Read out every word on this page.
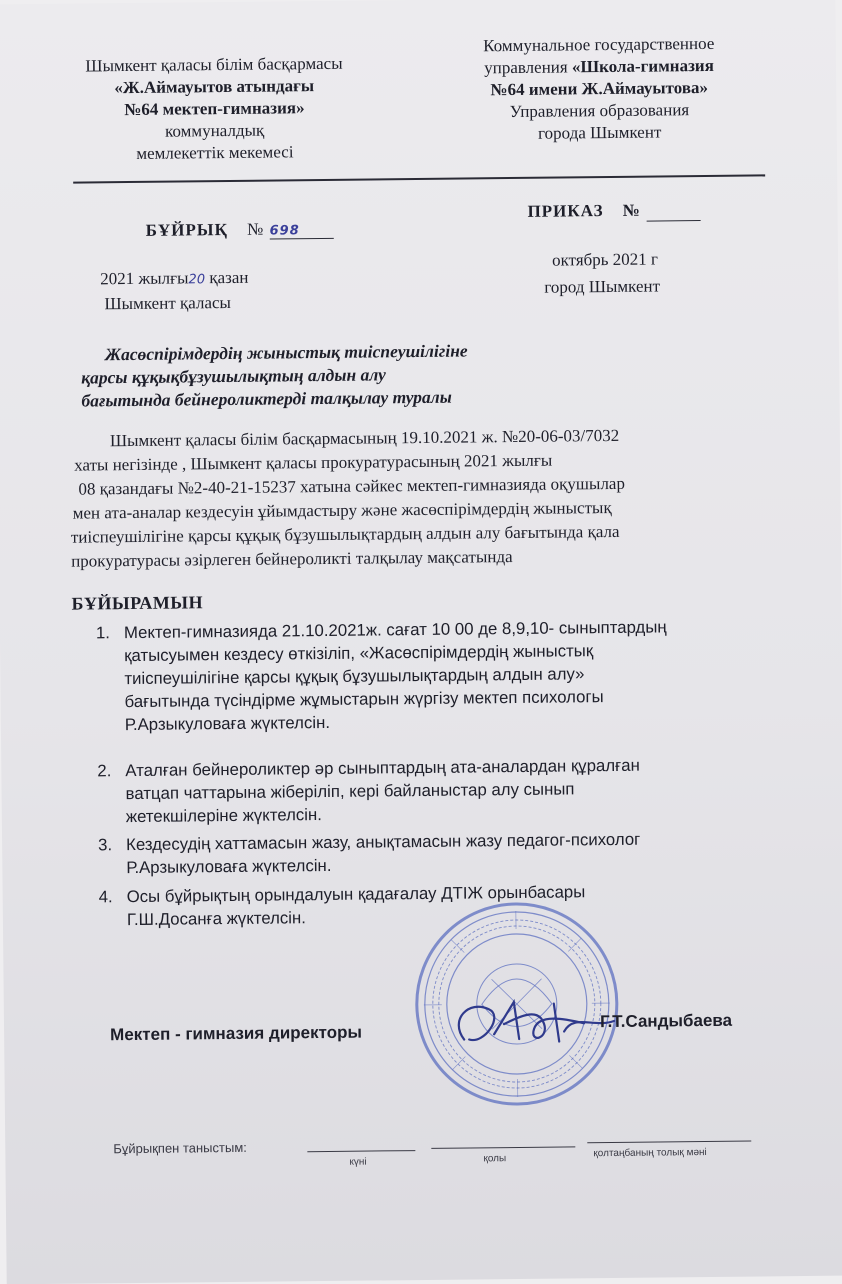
Шымкент қаласы білім басқармасы
«Ж.Аймауытов атындағы
№64 мектеп-гимназия»
коммуналдық
мемлекеттік мекемесі
Коммунальное государственное
управления «Школа-гимназия
№64 имени Ж.Аймауытова»
Управления образования
города Шымкент
БҰЙРЫҚ № 698
ПРИКАЗ №
2021 жылғы20 қазан
Шымкент қаласы
октябрь 2021 г
город Шымкент
Жасөспірімдердің жыныстық тиіспеушілігіне
қарсы құқықбұзушылықтың алдын алу
бағытында бейнероликтерді талқылау туралы
Шымкент қаласы білім басқармасының 19.10.2021 ж. №20-06-03/7032
хаты негізінде , Шымкент қаласы прокуратурасының 2021 жылғы
08 қазандағы №2-40-21-15237 хатына сәйкес мектеп-гимназияда оқушылар
мен ата-аналар кездесуін ұйымдастыру және жасөспірімдердің жыныстық
тиіспеушілігіне қарсы құқық бұзушылықтардың алдын алу бағытында қала
прокуратурасы әзірлеген бейнероликті талқылау мақсатында
БҰЙЫРАМЫН
1. Мектеп-гимназияда 21.10.2021ж. сағат 10 00 де 8,9,10- сыныптардың
қатысуымен кездесу өткізіліп, «Жасөспірімдердің жыныстық
тиіспеушілігіне қарсы құқық бұзушылықтардың алдын алу»
бағытында түсіндірме жұмыстарын жүргізу мектеп психологы
Р.Арзыкуловаға жүктелсін.
2. Аталған бейнероликтер әр сыныптардың ата-аналардан құралған
ватцап чаттарына жіберіліп, кері байланыстар алу сынып
жетекшілеріне жүктелсін.
3. Кездесудің хаттамасын жазу, анықтамасын жазу педагог-психолог
Р.Арзыкуловаға жүктелсін.
4. Осы бұйрықтың орындалуын қадағалау ДТІЖ орынбасары
Г.Ш.Досанға жүктелсін.
Мектеп - гимназия директоры
Г.Т.Сандыбаева
Бұйрықпен таныстым:
күні	қолы	қолтаңбаның толық мәні
